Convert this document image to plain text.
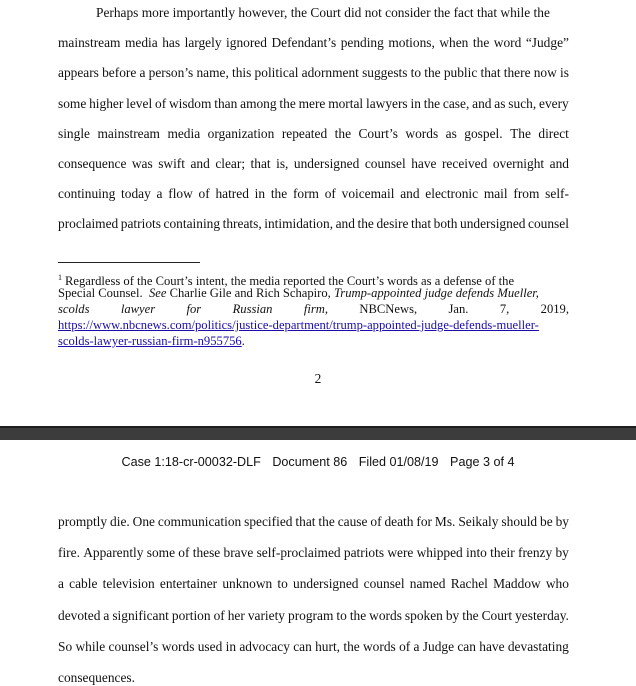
Perhaps more importantly however, the Court did not consider the fact that while the
mainstream media has largely ignored Defendant’s pending motions, when the word “Judge”
appears before a person’s name, this political adornment suggests to the public that there now is
some higher level of wisdom than among the mere mortal lawyers in the case, and as such, every
single mainstream media organization repeated the Court’s words as gospel. The direct
consequence was swift and clear; that is, undersigned counsel have received overnight and
continuing today a flow of hatred in the form of voicemail and electronic mail from self-
proclaimed patriots containing threats, intimidation, and the desire that both undersigned counsel
$^1$ Regardless of the Court’s intent, the media reported the Court’s words as a defense of the
Special Counsel. See Charlie Gile and Rich Schapiro, Trump-appointed judge defends Mueller,
scolds lawyer for Russian firm, NBCNews, Jan. 7, 2019,
https://www.nbcnews.com/politics/justice-department/trump-appointed-judge-defends-mueller-
scolds-lawyer-russian-firm-n955756.
2
Case 1:18-cr-00032-DLF Document 86 Filed 01/08/19 Page 3 of 4
promptly die. One communication specified that the cause of death for Ms. Seikaly should be by
fire. Apparently some of these brave self-proclaimed patriots were whipped into their frenzy by
a cable television entertainer unknown to undersigned counsel named Rachel Maddow who
devoted a significant portion of her variety program to the words spoken by the Court yesterday.
So while counsel’s words used in advocacy can hurt, the words of a Judge can have devastating
consequences.
